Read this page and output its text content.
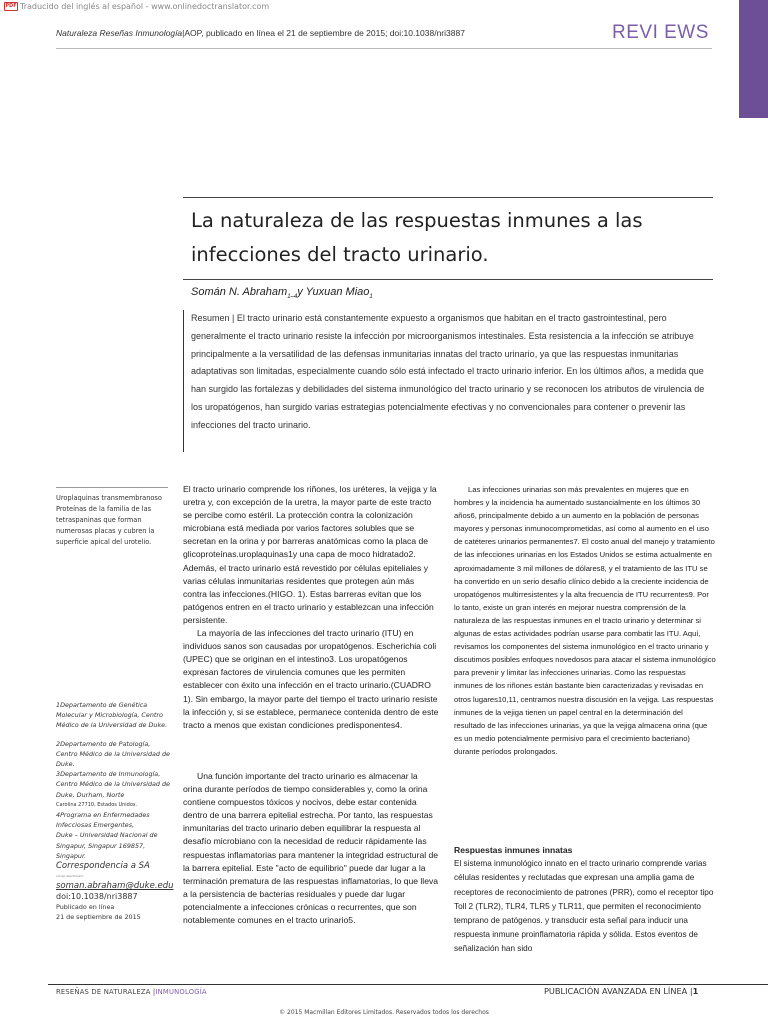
PDF Traducido del inglés al español - www.onlinedoctranslator.com
Naturaleza Reseñas Inmunología|AOP, publicado en línea el 21 de septiembre de 2015; doi:10.1038/nri3887	REVI EWS
La naturaleza de las respuestas inmunes a las infecciones del tracto urinario.
Somán N. Abraham$_{1-4}$y Yuxuan Miao$_1$
Resumen | El tracto urinario está constantemente expuesto a organismos que habitan en el tracto gastrointestinal, pero generalmente el tracto urinario resiste la infección por microorganismos intestinales. Esta resistencia a la infección se atribuye principalmente a la versatilidad de las defensas inmunitarias innatas del tracto urinario, ya que las respuestas inmunitarias adaptativas son limitadas, especialmente cuando sólo está infectado el tracto urinario inferior. En los últimos años, a medida que han surgido las fortalezas y debilidades del sistema inmunológico del tracto urinario y se reconocen los atributos de virulencia de los uropatógenos, han surgido varias estrategias potencialmente efectivas y no convencionales para contener o prevenir las infecciones del tracto urinario.
Uroplaquinas transmembranoso
Proteínas de la familia de las tetraspaninas que forman numerosas placas y cubren la superficie apical del urotelio.
1Departamento de Genética Molecular y Microbiología, Centro Médico de la Universidad de Duke.
2Departamento de Patología, Centro Médico de la Universidad de Duke.
3Departamento de Inmunología, Centro Médico de la Universidad de Duke, Durham, Norte
Carolina 27710, Estados Unidos.
4Programa en Enfermedades Infecciosas Emergentes,
Duke – Universidad Nacional de Singapur, Singapur 169857, Singapur.
Correspondencia a SA
correo electrónico:
soman.abraham@duke.edu
doi:10.1038/nri3887
Publicado en línea
21 de septiembre de 2015

El tracto urinario comprende los riñones, los uréteres, la vejiga y la uretra y, con excepción de la uretra, la mayor parte de este tracto se percibe como estéril. La protección contra la colonización microbiana está mediada por varios factores solubles que se secretan en la orina y por barreras anatómicas como la placa de glicoproteínas.uroplaquinas1y una capa de moco hidratado2. Además, el tracto urinario está revestido por células epiteliales y varias células inmunitarias residentes que protegen aún más contra las infecciones.(HIGO. 1). Estas barreras evitan que los patógenos entren en el tracto urinario y establezcan una infección persistente.

La mayoría de las infecciones del tracto urinario (ITU) en individuos sanos son causadas por uropatógenos. Escherichia coli (UPEC) que se originan en el intestino3. Los uropatógenos expresan factores de virulencia comunes que les permiten establecer con éxito una infección en el tracto urinario.(CUADRO 1). Sin embargo, la mayor parte del tiempo el tracto urinario resiste la infección y, si se establece, permanece contenida dentro de este tracto a menos que existan condiciones predisponentes4.

Una función importante del tracto urinario es almacenar la orina durante períodos de tiempo considerables y, como la orina contiene compuestos tóxicos y nocivos, debe estar contenida dentro de una barrera epitelial estrecha. Por tanto, las respuestas inmunitarias del tracto urinario deben equilibrar la respuesta al desafío microbiano con la necesidad de reducir rápidamente las respuestas inflamatorias para mantener la integridad estructural de la barrera epitelial. Este "acto de equilibrio" puede dar lugar a la terminación prematura de las respuestas inflamatorias, lo que lleva a la persistencia de bacterias residuales y puede dar lugar potencialmente a infecciones crónicas o recurrentes, que son notablemente comunes en el tracto urinario5.

Las infecciones urinarias son más prevalentes en mujeres que en hombres y la incidencia ha aumentado sustancialmente en los últimos 30 años6, principalmente debido a un aumento en la población de personas mayores y personas inmunocomprometidas, así como al aumento en el uso de catéteres urinarios permanentes7. El costo anual del manejo y tratamiento de las infecciones urinarias en los Estados Unidos se estima actualmente en aproximadamente 3 mil millones de dólares8, y el tratamiento de las ITU se ha convertido en un serio desafío clínico debido a la creciente incidencia de uropatógenos multirresistentes y la alta frecuencia de ITU recurrentes9. Por lo tanto, existe un gran interés en mejorar nuestra comprensión de la naturaleza de las respuestas inmunes en el tracto urinario y determinar si algunas de estas actividades podrían usarse para combatir las ITU. Aquí, revisamos los componentes del sistema inmunológico en el tracto urinario y discutimos posibles enfoques novedosos para atacar el sistema inmunológico para prevenir y limitar las infecciones urinarias. Como las respuestas inmunes de los riñones están bastante bien caracterizadas y revisadas en otros lugares10,11, centramos nuestra discusión en la vejiga. Las respuestas inmunes de la vejiga tienen un papel central en la determinación del resultado de las infecciones urinarias, ya que la vejiga almacena orina (que es un medio potencialmente permisivo para el crecimiento bacteriano) durante períodos prolongados.

Respuestas inmunes innatas

El sistema inmunológico innato en el tracto urinario comprende varias células residentes y reclutadas que expresan una amplia gama de receptores de reconocimiento de patrones (PRR), como el receptor tipo Toll 2 (TLR2), TLR4, TLR5 y TLR11, que permiten el reconocimiento temprano de patógenos. y transducir esta señal para inducir una respuesta inmune proinflamatoria rápida y sólida. Estos eventos de señalización han sido

RESEÑAS DE NATURALEZA |INMUNOLOGÍA	PUBLICACIÓN AVANZADA EN LÍNEA |1
© 2015 Macmillan Editores Limitados. Reservados todos los derechos
